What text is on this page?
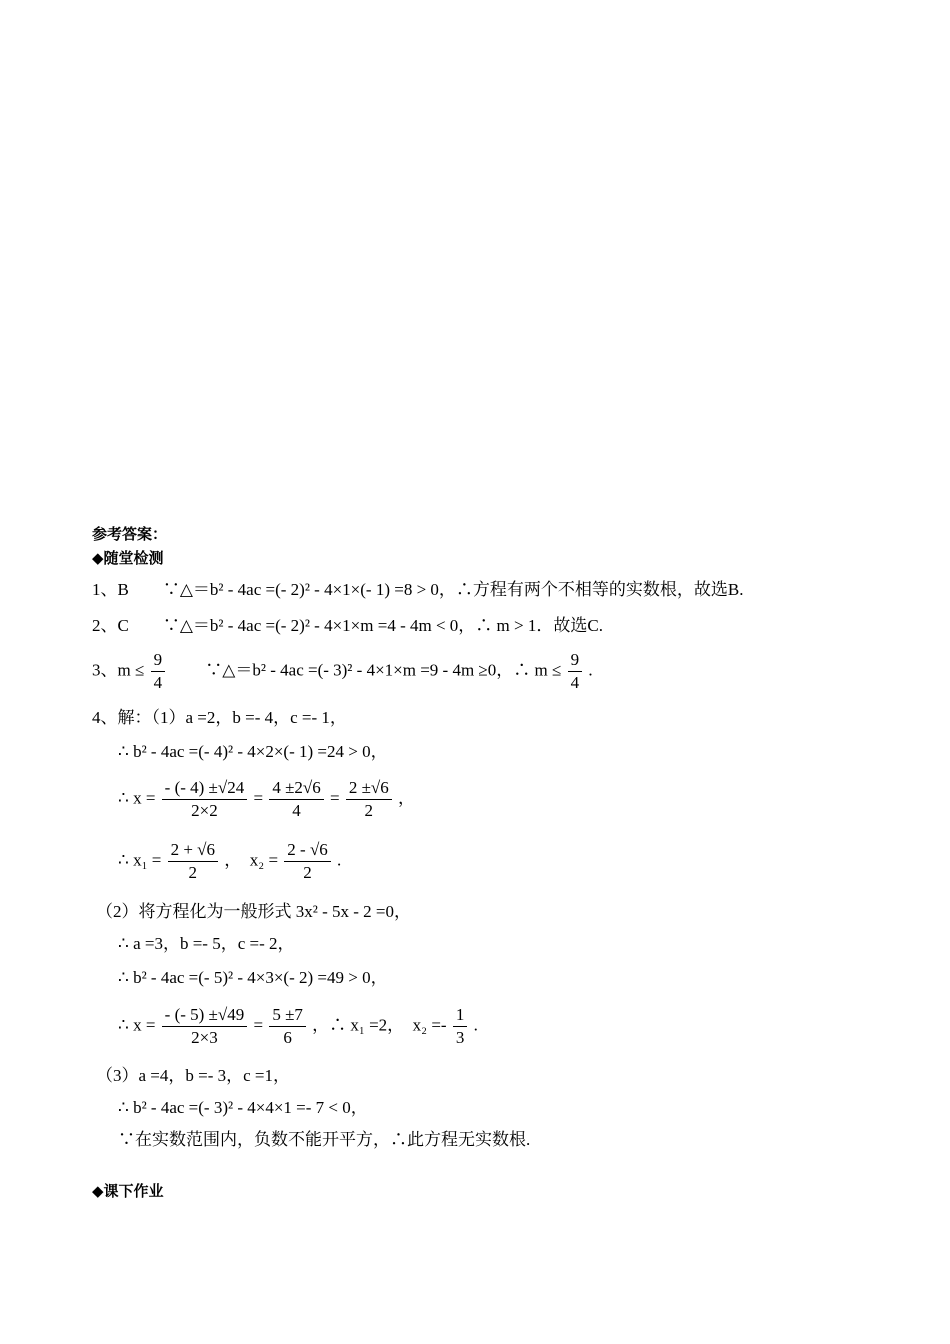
参考答案：
◆随堂检测
1、B　　∵△＝b² - 4ac =(- 2)² - 4×1×(- 1) =8 > 0，∴方程有两个不相等的实数根，故选B.
2、C　　∵△＝b² - 4ac =(- 2)² - 4×1×m =4 - 4m < 0，∴ m > 1．故选C.
3、$m \le \frac{9}{4}$ 　　∵△＝b² - 4ac =(- 3)² - 4×1×m =9 - 4m ≥0，∴ $m \le \frac{9}{4}$ .
4、解：（1）a =2，b =- 4，c =- 1，
∴ b² - 4ac =(- 4)² - 4×2×(- 1) =24 > 0，
∴ $x = \frac{- (- 4) \pm√24}{2\times 2} = \frac{4 \pm 2√6}{4} = \frac{2 \pm√6}{2}$ ，
∴ $x_1 = \frac{2 + √6}{2}$ ，　$x_2 = \frac{2 - √6}{2}$ .
（2）将方程化为一般形式 3x² - 5x - 2 =0，
∴ a =3，b =- 5，c =- 2，
∴ b² - 4ac =(- 5)² - 4×3×(- 2) =49 > 0，
∴ $x = \frac{- (- 5) \pm√49}{2\times 3} = \frac{5 \pm 7}{6}$ ，∴ x₁ =2，　$x_2 =- \frac{1}{3}$ .
（3）a =4，b =- 3，c =1，
∴ b² - 4ac =(- 3)² - 4×4×1 =- 7 < 0，
∵在实数范围内，负数不能开平方，∴此方程无实数根.
◆课下作业
